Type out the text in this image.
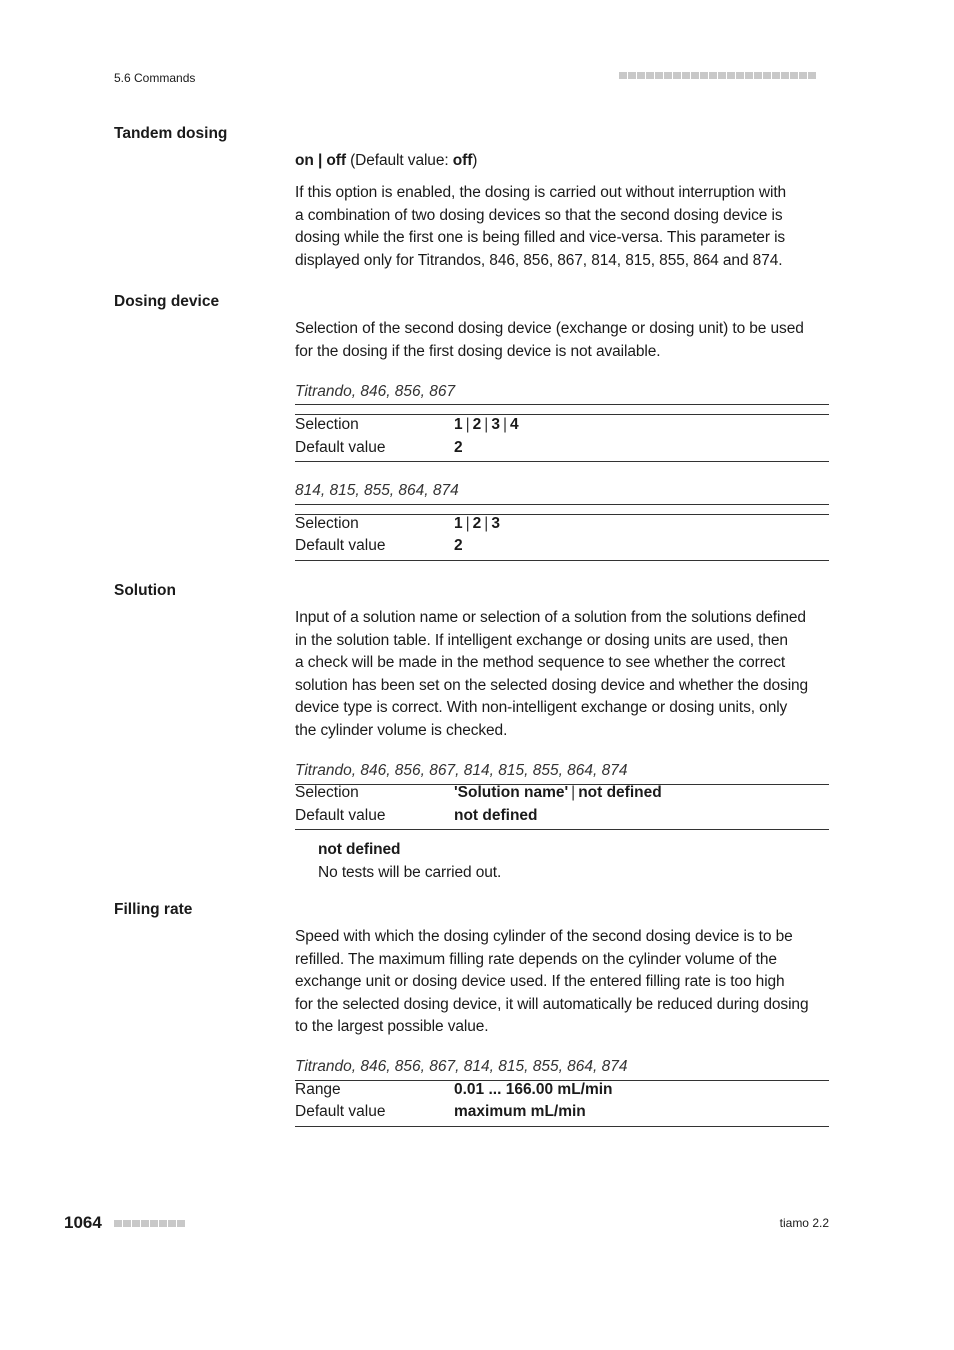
5.6 Commands
Tandem dosing
on | off (Default value: off)
If this option is enabled, the dosing is carried out without interruption with
a combination of two dosing devices so that the second dosing device is
dosing while the first one is being filled and vice-versa. This parameter is
displayed only for Titrandos, 846, 856, 867, 814, 815, 855, 864 and 874.
Dosing device
Selection of the second dosing device (exchange or dosing unit) to be used
for the dosing if the first dosing device is not available.
Titrando, 846, 856, 867
Selection	1 | 2 | 3 | 4
Default value	2
814, 815, 855, 864, 874
Selection	1 | 2 | 3
Default value	2
Solution
Input of a solution name or selection of a solution from the solutions defined
in the solution table. If intelligent exchange or dosing units are used, then
a check will be made in the method sequence to see whether the correct
solution has been set on the selected dosing device and whether the dosing
device type is correct. With non-intelligent exchange or dosing units, only
the cylinder volume is checked.
Titrando, 846, 856, 867, 814, 815, 855, 864, 874
Selection	'Solution name' | not defined
Default value	not defined
not defined
No tests will be carried out.
Filling rate
Speed with which the dosing cylinder of the second dosing device is to be
refilled. The maximum filling rate depends on the cylinder volume of the
exchange unit or dosing device used. If the entered filling rate is too high
for the selected dosing device, it will automatically be reduced during dosing
to the largest possible value.
Titrando, 846, 856, 867, 814, 815, 855, 864, 874
Range	0.01 ... 166.00 mL/min
Default value	maximum mL/min
1064	tiamo 2.2
